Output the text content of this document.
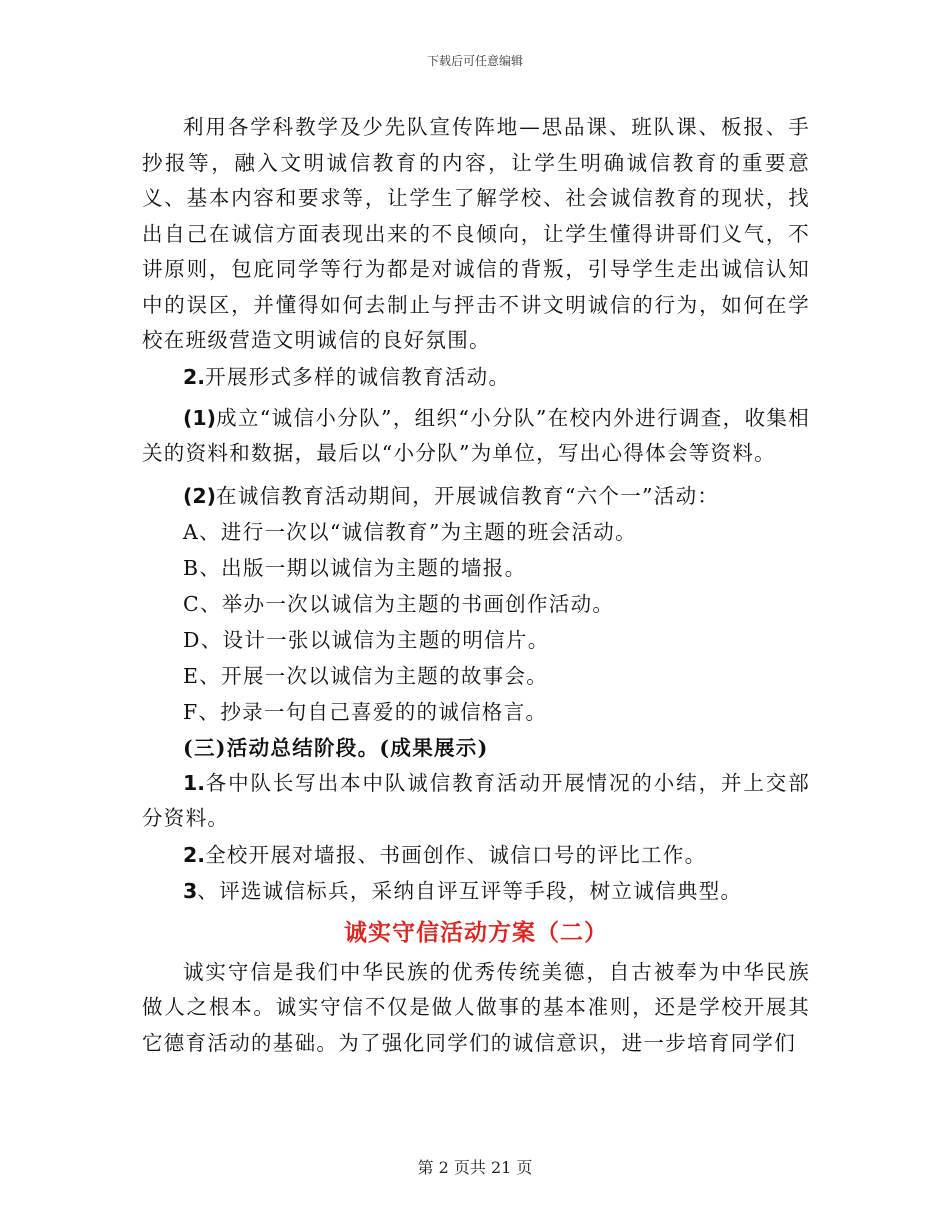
下载后可任意编辑

利用各学科教学及少先队宣传阵地—思品课、班队课、板报、手抄报等，融入文明诚信教育的内容，让学生明确诚信教育的重要意义、基本内容和要求等，让学生了解学校、社会诚信教育的现状，找出自己在诚信方面表现出来的不良倾向，让学生懂得讲哥们义气，不讲原则，包庇同学等行为都是对诚信的背叛，引导学生走出诚信认知中的误区，并懂得如何去制止与抨击不讲文明诚信的行为，如何在学校在班级营造文明诚信的良好氛围。

2.开展形式多样的诚信教育活动。

(1)成立“诚信小分队”，组织“小分队”在校内外进行调查，收集相关的资料和数据，最后以“小分队”为单位，写出心得体会等资料。

(2)在诚信教育活动期间，开展诚信教育“六个一”活动：

A、进行一次以“诚信教育”为主题的班会活动。

B、出版一期以诚信为主题的墙报。

C、举办一次以诚信为主题的书画创作活动。

D、设计一张以诚信为主题的明信片。

E、开展一次以诚信为主题的故事会。

F、抄录一句自己喜爱的的诚信格言。

(三)活动总结阶段。(成果展示)

1.各中队长写出本中队诚信教育活动开展情况的小结，并上交部分资料。

2.全校开展对墙报、书画创作、诚信口号的评比工作。

3、评选诚信标兵，采纳自评互评等手段，树立诚信典型。

诚实守信活动方案（二）

诚实守信是我们中华民族的优秀传统美德，自古被奉为中华民族做人之根本。诚实守信不仅是做人做事的基本准则，还是学校开展其它德育活动的基础。为了强化同学们的诚信意识，进一步培育同学们

第 2 页共 21 页
